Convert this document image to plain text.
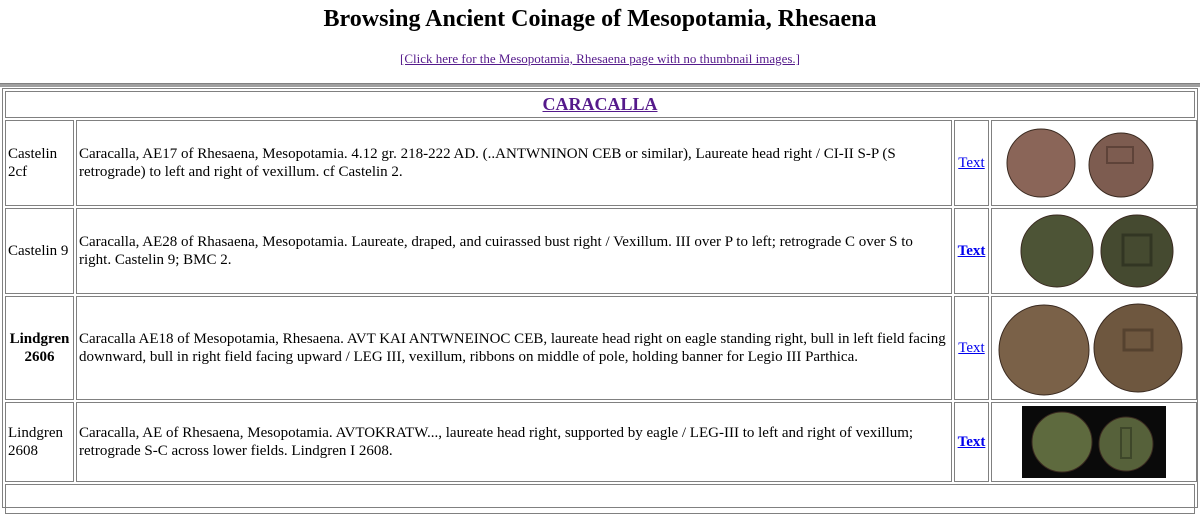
Browsing Ancient Coinage of Mesopotamia, Rhesaena
[Click here for the Mesopotamia, Rhesaena page with no thumbnail images.]
CARACALLA
Castelin 2cf
Caracalla, AE17 of Rhesaena, Mesopotamia. 4.12 gr. 218-222 AD. (..ANTWNINON CEB or similar), Laureate head right / CI-II S-P (S retrograde) to left and right of vexillum. cf Castelin 2.
Text
Castelin 9
Caracalla, AE28 of Rhasaena, Mesopotamia. Laureate, draped, and cuirassed bust right / Vexillum. III over P to left; retrograde C over S to right. Castelin 9; BMC 2.
Text
Lindgren 2606
Caracalla AE18 of Mesopotamia, Rhesaena. AVT KAI ANTWNEINOC CEB, laureate head right on eagle standing right, bull in left field facing downward, bull in right field facing upward / LEG III, vexillum, ribbons on middle of pole, holding banner for Legio III Parthica.
Text
Lindgren 2608
Caracalla, AE of Rhesaena, Mesopotamia. AVTOKRATW..., laureate head right, supported by eagle / LEG-III to left and right of vexillum; retrograde S-C across lower fields. Lindgren I 2608.
Text
